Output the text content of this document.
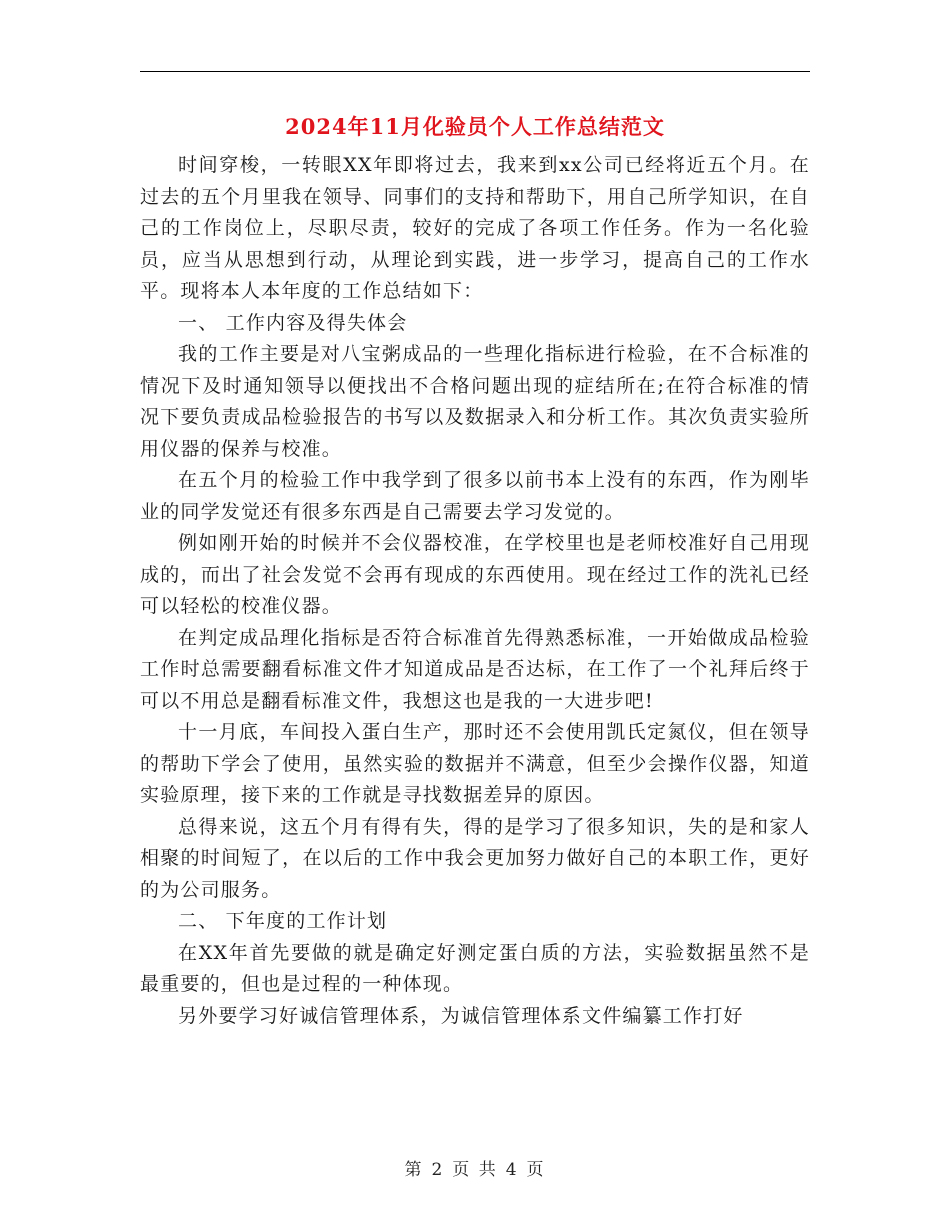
2024年11月化验员个人工作总结范文

时间穿梭，一转眼XX年即将过去，我来到xx公司已经将近五个月。在过去的五个月里我在领导、同事们的支持和帮助下，用自己所学知识，在自己的工作岗位上，尽职尽责，较好的完成了各项工作任务。作为一名化验员，应当从思想到行动，从理论到实践，进一步学习，提高自己的工作水平。现将本人本年度的工作总结如下：

一、 工作内容及得失体会

我的工作主要是对八宝粥成品的一些理化指标进行检验，在不合标准的情况下及时通知领导以便找出不合格问题出现的症结所在;在符合标准的情况下要负责成品检验报告的书写以及数据录入和分析工作。其次负责实验所用仪器的保养与校准。

在五个月的检验工作中我学到了很多以前书本上没有的东西，作为刚毕业的同学发觉还有很多东西是自己需要去学习发觉的。

例如刚开始的时候并不会仪器校准，在学校里也是老师校准好自己用现成的，而出了社会发觉不会再有现成的东西使用。现在经过工作的洗礼已经可以轻松的校准仪器。

在判定成品理化指标是否符合标准首先得熟悉标准，一开始做成品检验工作时总需要翻看标准文件才知道成品是否达标，在工作了一个礼拜后终于可以不用总是翻看标准文件，我想这也是我的一大进步吧!

十一月底，车间投入蛋白生产，那时还不会使用凯氏定氮仪，但在领导的帮助下学会了使用，虽然实验的数据并不满意，但至少会操作仪器，知道实验原理，接下来的工作就是寻找数据差异的原因。

总得来说，这五个月有得有失，得的是学习了很多知识，失的是和家人相聚的时间短了，在以后的工作中我会更加努力做好自己的本职工作，更好的为公司服务。

二、 下年度的工作计划

在XX年首先要做的就是确定好测定蛋白质的方法，实验数据虽然不是最重要的，但也是过程的一种体现。

另外要学习好诚信管理体系，为诚信管理体系文件编纂工作打好

第 2 页 共 4 页
